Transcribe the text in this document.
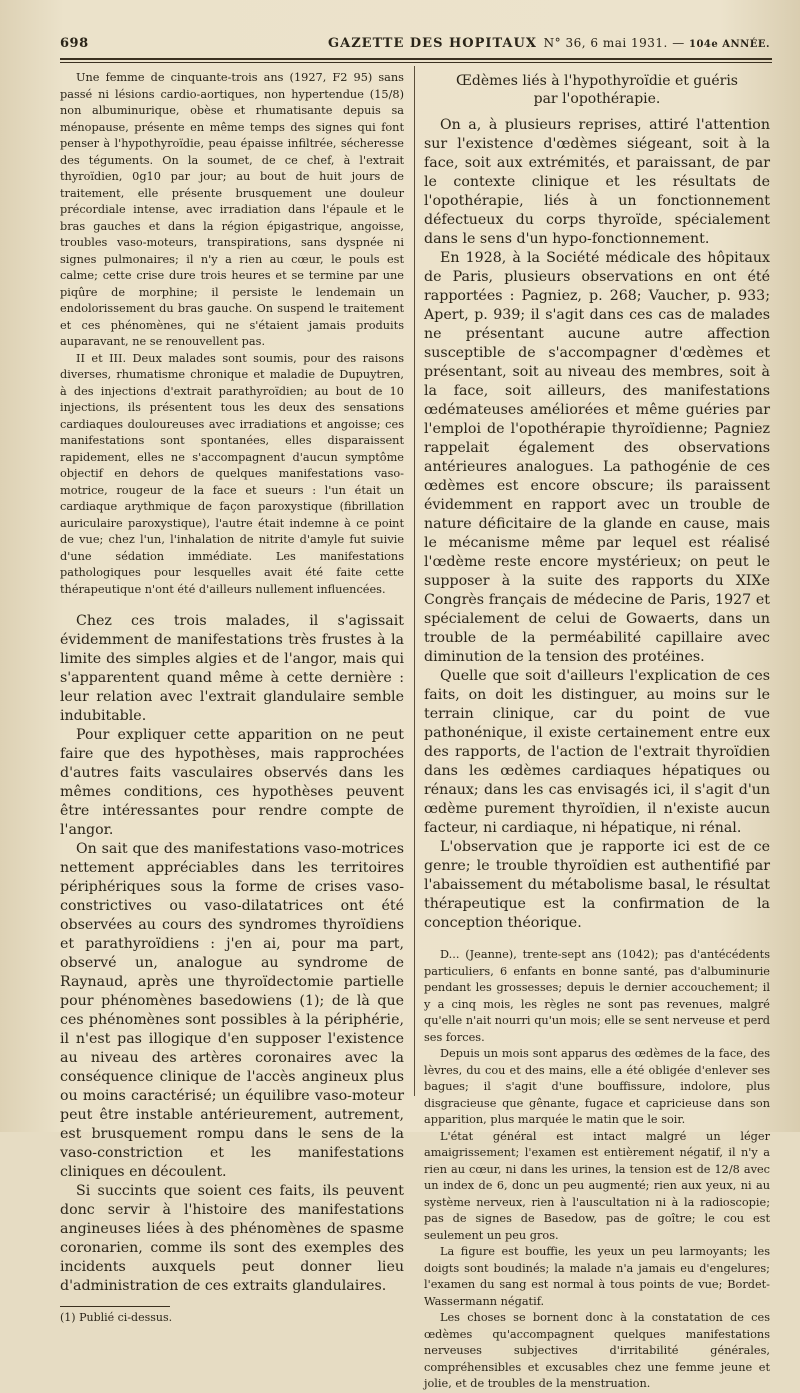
698	GAZETTE DES HOPITAUX N° 36, 6 mai 1931. — 104e ANNÉE.

Une femme de cinquante-trois ans (1927, F2 95) sans passé ni lésions cardio-aortiques, non hypertendue (15/8) non albuminurique, obèse et rhumatisante depuis sa ménopause, présente en même temps des signes qui font penser à l'hypothyroïdie, peau épaisse infiltrée, sécheresse des téguments. On la soumet, de ce chef, à l'extrait thyroïdien, 0g10 par jour; au bout de huit jours de traitement, elle présente brusquement une douleur précordiale intense, avec irradiation dans l'épaule et le bras gauches et dans la région épigastrique, angoisse, troubles vaso-moteurs, transpirations, sans dyspnée ni signes pulmonaires; il n'y a rien au cœur, le pouls est calme; cette crise dure trois heures et se termine par une piqûre de morphine; il persiste le lendemain un endolorissement du bras gauche. On suspend le traitement et ces phénomènes, qui ne s'étaient jamais produits auparavant, ne se renouvellent pas.

II et III. Deux malades sont soumis, pour des raisons diverses, rhumatisme chronique et maladie de Dupuytren, à des injections d'extrait parathyroïdien; au bout de 10 injections, ils présentent tous les deux des sensations cardiaques douloureuses avec irradiations et angoisse; ces manifestations sont spontanées, elles disparaissent rapidement, elles ne s'accompagnent d'aucun symptôme objectif en dehors de quelques manifestations vaso-motrice, rougeur de la face et sueurs : l'un était un cardiaque arythmique de façon paroxystique (fibrillation auriculaire paroxystique), l'autre était indemne à ce point de vue; chez l'un, l'inhalation de nitrite d'amyle fut suivie d'une sédation immédiate. Les manifestations pathologiques pour lesquelles avait été faite cette thérapeutique n'ont été d'ailleurs nullement influencées.

Chez ces trois malades, il s'agissait évidemment de manifestations très frustes à la limite des simples algies et de l'angor, mais qui s'apparentent quand même à cette dernière : leur relation avec l'extrait glandulaire semble indubitable.

Pour expliquer cette apparition on ne peut faire que des hypothèses, mais rapprochées d'autres faits vasculaires observés dans les mêmes conditions, ces hypothèses peuvent être intéressantes pour rendre compte de l'angor.

On sait que des manifestations vaso-motrices nettement appréciables dans les territoires périphériques sous la forme de crises vaso-constrictives ou vaso-dilatatrices ont été observées au cours des syndromes thyroïdiens et parathyroïdiens : j'en ai, pour ma part, observé un, analogue au syndrome de Raynaud, après une thyroïdectomie partielle pour phénomènes basedowiens (1); de là que ces phénomènes sont possibles à la périphérie, il n'est pas illogique d'en supposer l'existence au niveau des artères coronaires avec la conséquence clinique de l'accès angineux plus ou moins caractérisé; un équilibre vaso-moteur peut être instable antérieurement, autrement, est brusquement rompu dans le sens de la vaso-constriction et les manifestations cliniques en découlent.

Si succints que soient ces faits, ils peuvent donc servir à l'histoire des manifestations angineuses liées à des phénomènes de spasme coronarien, comme ils sont des exemples des incidents auxquels peut donner lieu d'administration de ces extraits glandulaires.

(1) Publié ci-dessus.
Œdèmes liés à l'hypothyroïdie et guéris
par l'opothérapie.

On a, à plusieurs reprises, attiré l'attention sur l'existence d'œdèmes siégeant, soit à la face, soit aux extrémités, et paraissant, de par le contexte clinique et les résultats de l'opothérapie, liés à un fonctionnement défectueux du corps thyroïde, spécialement dans le sens d'un hypo-fonctionnement.

En 1928, à la Société médicale des hôpitaux de Paris, plusieurs observations en ont été rapportées : Pagniez, p. 268; Vaucher, p. 933; Apert, p. 939; il s'agit dans ces cas de malades ne présentant aucune autre affection susceptible de s'accompagner d'œdèmes et présentant, soit au niveau des membres, soit à la face, soit ailleurs, des manifestations œdémateuses améliorées et même guéries par l'emploi de l'opothérapie thyroïdienne; Pagniez rappelait également des observations antérieures analogues. La pathogénie de ces œdèmes est encore obscure; ils paraissent évidemment en rapport avec un trouble de nature déficitaire de la glande en cause, mais le mécanisme même par lequel est réalisé l'œdème reste encore mystérieux; on peut le supposer à la suite des rapports du XIXe Congrès français de médecine de Paris, 1927 et spécialement de celui de Gowaerts, dans un trouble de la perméabilité capillaire avec diminution de la tension des protéines.

Quelle que soit d'ailleurs l'explication de ces faits, on doit les distinguer, au moins sur le terrain clinique, car du point de vue pathonénique, il existe certainement entre eux des rapports, de l'action de l'extrait thyroïdien dans les œdèmes cardiaques hépatiques ou rénaux; dans les cas envisagés ici, il s'agit d'un œdème purement thyroïdien, il n'existe aucun facteur, ni cardiaque, ni hépatique, ni rénal.

L'observation que je rapporte ici est de ce genre; le trouble thyroïdien est authentifié par l'abaissement du métabolisme basal, le résultat thérapeutique est la confirmation de la conception théorique.

D... (Jeanne), trente-sept ans (1042); pas d'antécédents particuliers, 6 enfants en bonne santé, pas d'albuminurie pendant les grossesses; depuis le dernier accouchement; il y a cinq mois, les règles ne sont pas revenues, malgré qu'elle n'ait nourri qu'un mois; elle se sent nerveuse et perd ses forces.

Depuis un mois sont apparus des œdèmes de la face, des lèvres, du cou et des mains, elle a été obligée d'enlever ses bagues; il s'agit d'une bouffissure, indolore, plus disgracieuse que gênante, fugace et capricieuse dans son apparition, plus marquée le matin que le soir.

L'état général est intact malgré un léger amaigrissement; l'examen est entièrement négatif, il n'y a rien au cœur, ni dans les urines, la tension est de 12/8 avec un index de 6, donc un peu augmenté; rien aux yeux, ni au système nerveux, rien à l'auscultation ni à la radioscopie; pas de signes de Basedow, pas de goître; le cou est seulement un peu gros.

La figure est bouffie, les yeux un peu larmoyants; les doigts sont boudinés; la malade n'a jamais eu d'engelures; l'examen du sang est normal à tous points de vue; Bordet-Wassermann négatif.

Les choses se bornent donc à la constatation de ces œdèmes qu'accompagnent quelques manifestations nerveuses subjectives d'irritabilité générales, compréhensibles et excusables chez une femme jeune et jolie, et de troubles de la menstruation.
